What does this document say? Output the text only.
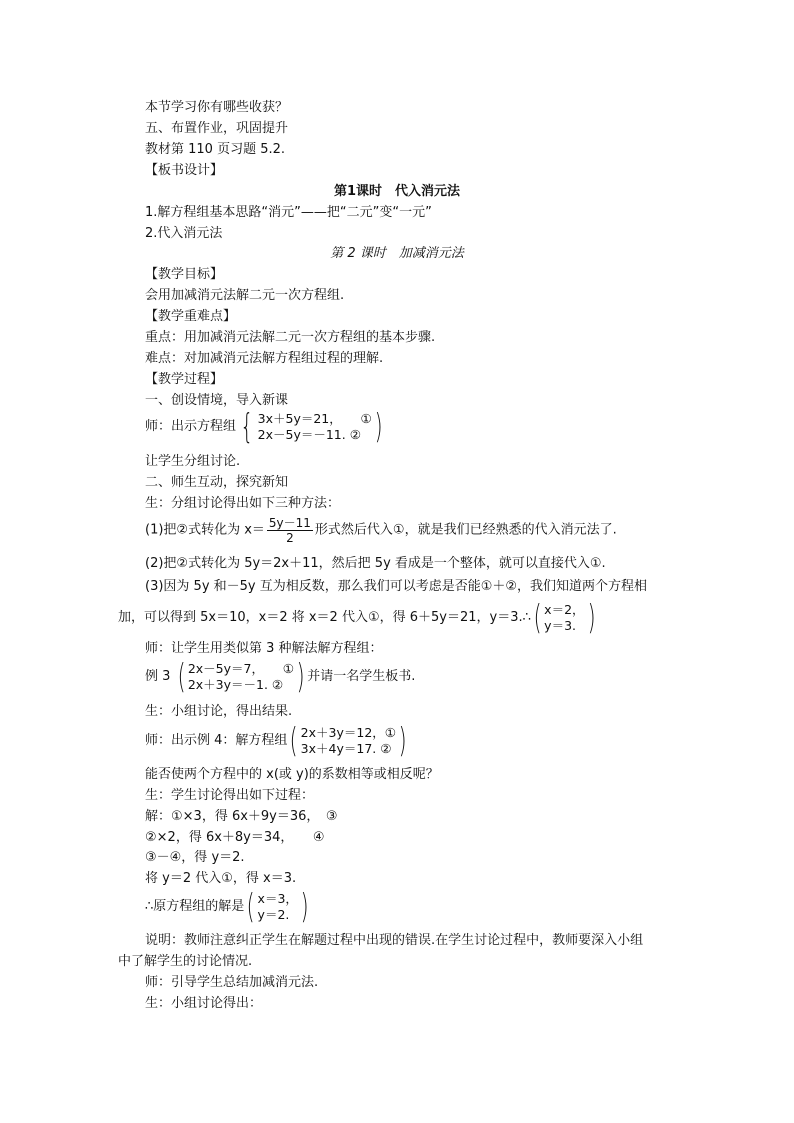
本节学习你有哪些收获？
五、布置作业，巩固提升
教材第 110 页习题 5.2.
【板书设计】
第1课时　代入消元法
1.解方程组基本思路“消元”——把“二元”变“一元”
2.代入消元法
第 2 课时　加减消元法
【教学目标】
会用加减消元法解二元一次方程组.
【教学重难点】
重点：用加减消元法解二元一次方程组的基本步骤.
难点：对加减消元法解方程组过程的理解.
【教学过程】
一、创设情境，导入新课
师：出示方程组 { 3x＋5y＝21，　　①
2x－5y＝－11. ② )
让学生分组讨论.
二、师生互动，探究新知
生：分组讨论得出如下三种方法：
(1)把②式转化为 $x= \frac{5y-11}{2}$ 形式然后代入①，就是我们已经熟悉的代入消元法了.
(2)把②式转化为 5y＝2x＋11，然后把 5y 看成是一个整体，就可以直接代入①.
(3)因为 5y 和－5y 互为相反数，那么我们可以考虑是否能①＋②，我们知道两个方程相
加，可以得到 5x＝10，x＝2 将 x＝2 代入①，得 6＋5y＝21，y＝3.∴ ( x＝2，
y＝3. )
师：让学生用类似第 3 种解法解方程组：
例 3 ( 2x－5y＝7，　　①
2x＋3y＝－1. ② ) 并请一名学生板书.
生：小组讨论，得出结果.
师：出示例 4：解方程组 ( 2x＋3y＝12，①
3x＋4y＝17. ② )
能否使两个方程中的 x(或 y)的系数相等或相反呢？
生：学生讨论得出如下过程：
解：①×3，得 6x＋9y＝36，　③
②×2，得 6x＋8y＝34，　　④
③－④，得 y＝2.
将 y＝2 代入①，得 x＝3.
∴原方程组的解是 ( x＝3，
y＝2. )
说明：教师注意纠正学生在解题过程中出现的错误.在学生讨论过程中，教师要深入小组
中了解学生的讨论情况.
师：引导学生总结加减消元法.
生：小组讨论得出：
